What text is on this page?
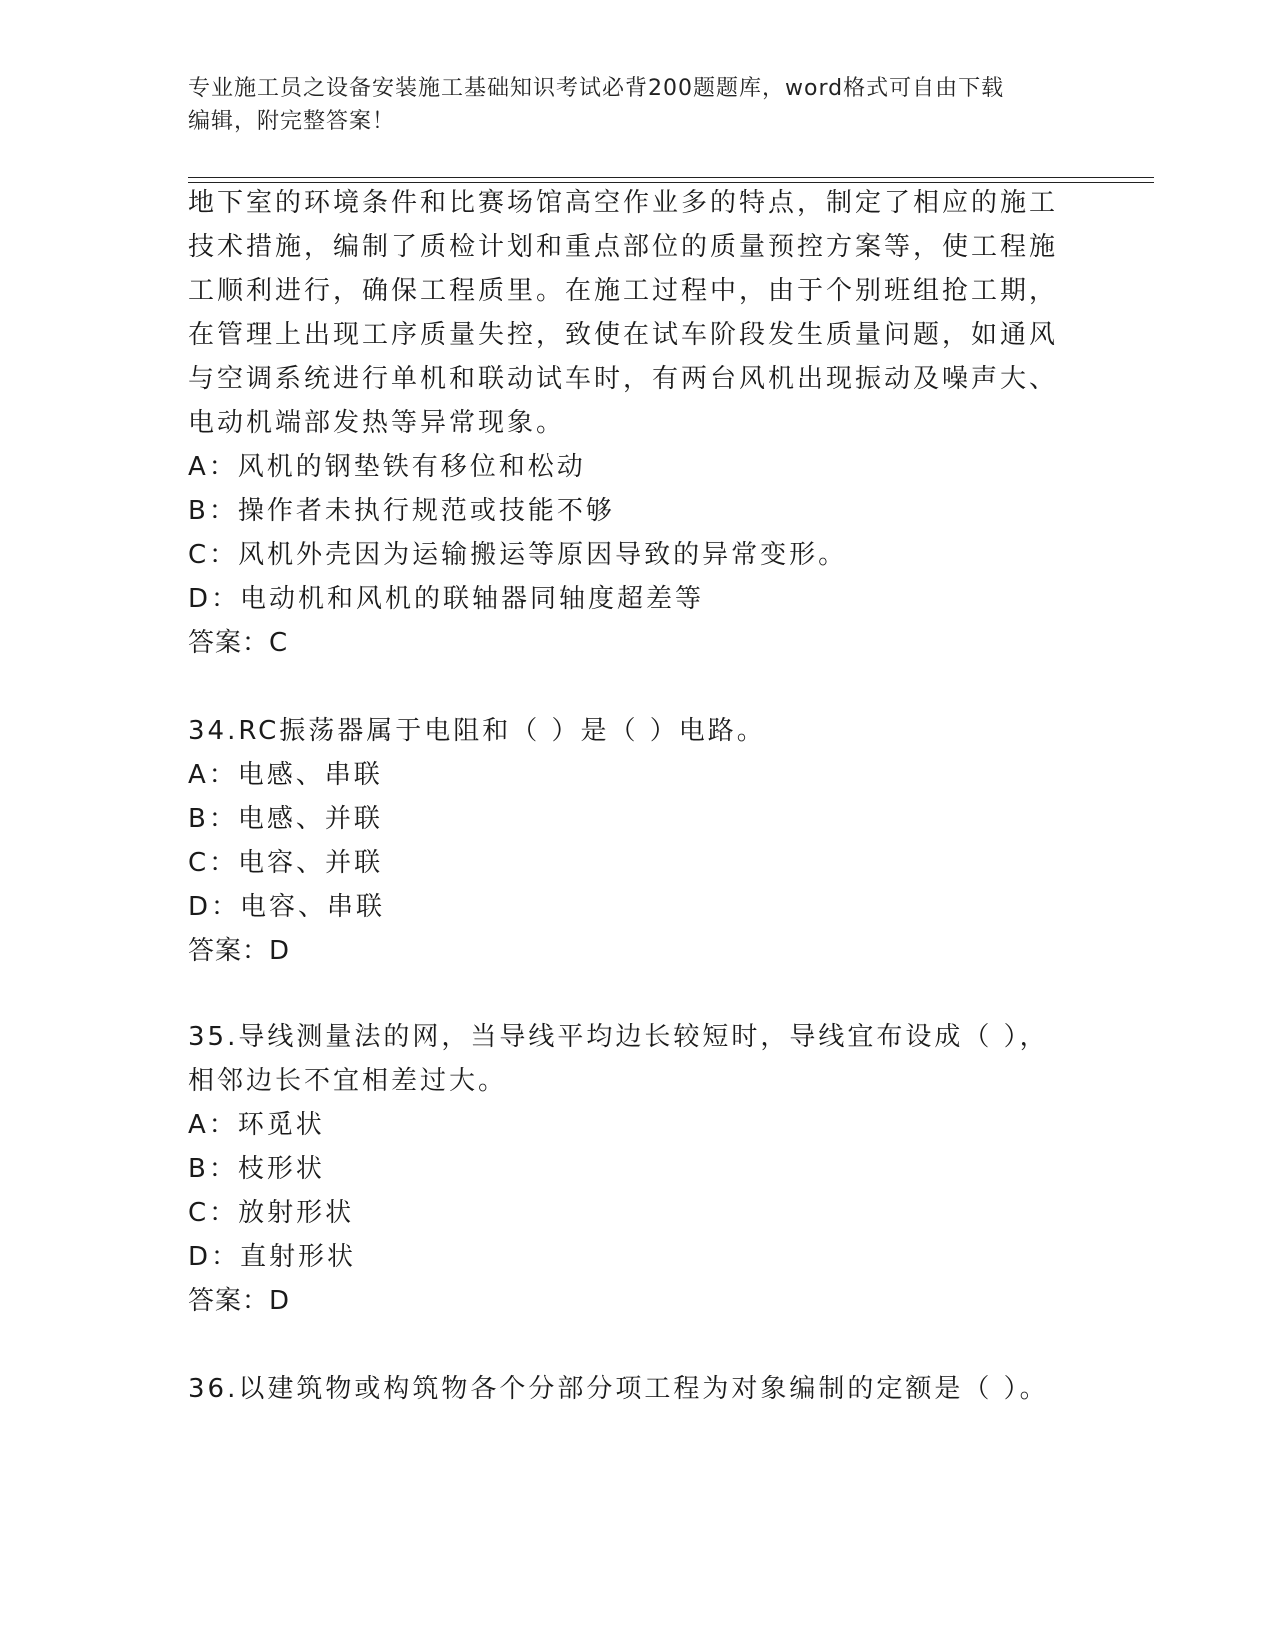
专业施工员之设备安装施工基础知识考试必背200题题库，word格式可自由下载
编辑，附完整答案！
地下室的环境条件和比赛场馆高空作业多的特点，制定了相应的施工
技术措施，编制了质检计划和重点部位的质量预控方案等，使工程施
工顺利进行，确保工程质里。在施工过程中，由于个别班组抢工期，
在管理上出现工序质量失控，致使在试车阶段发生质量问题，如通风
与空调系统进行单机和联动试车时，有两台风机出现振动及噪声大、
电动机端部发热等异常现象。
A：风机的钢垫铁有移位和松动
B：操作者未执行规范或技能不够
C：风机外壳因为运输搬运等原因导致的异常变形。
D：电动机和风机的联轴器同轴度超差等
答案：C
34.RC振荡器属于电阻和（ ）是（ ）电路。
A：电感、串联
B：电感、并联
C：电容、并联
D：电容、串联
答案：D
35.导线测量法的网，当导线平均边长较短时，导线宜布设成（ ），
相邻边长不宜相差过大。
A：环觅状
B：枝形状
C：放射形状
D：直射形状
答案：D
36.以建筑物或构筑物各个分部分项工程为对象编制的定额是（ ）。
